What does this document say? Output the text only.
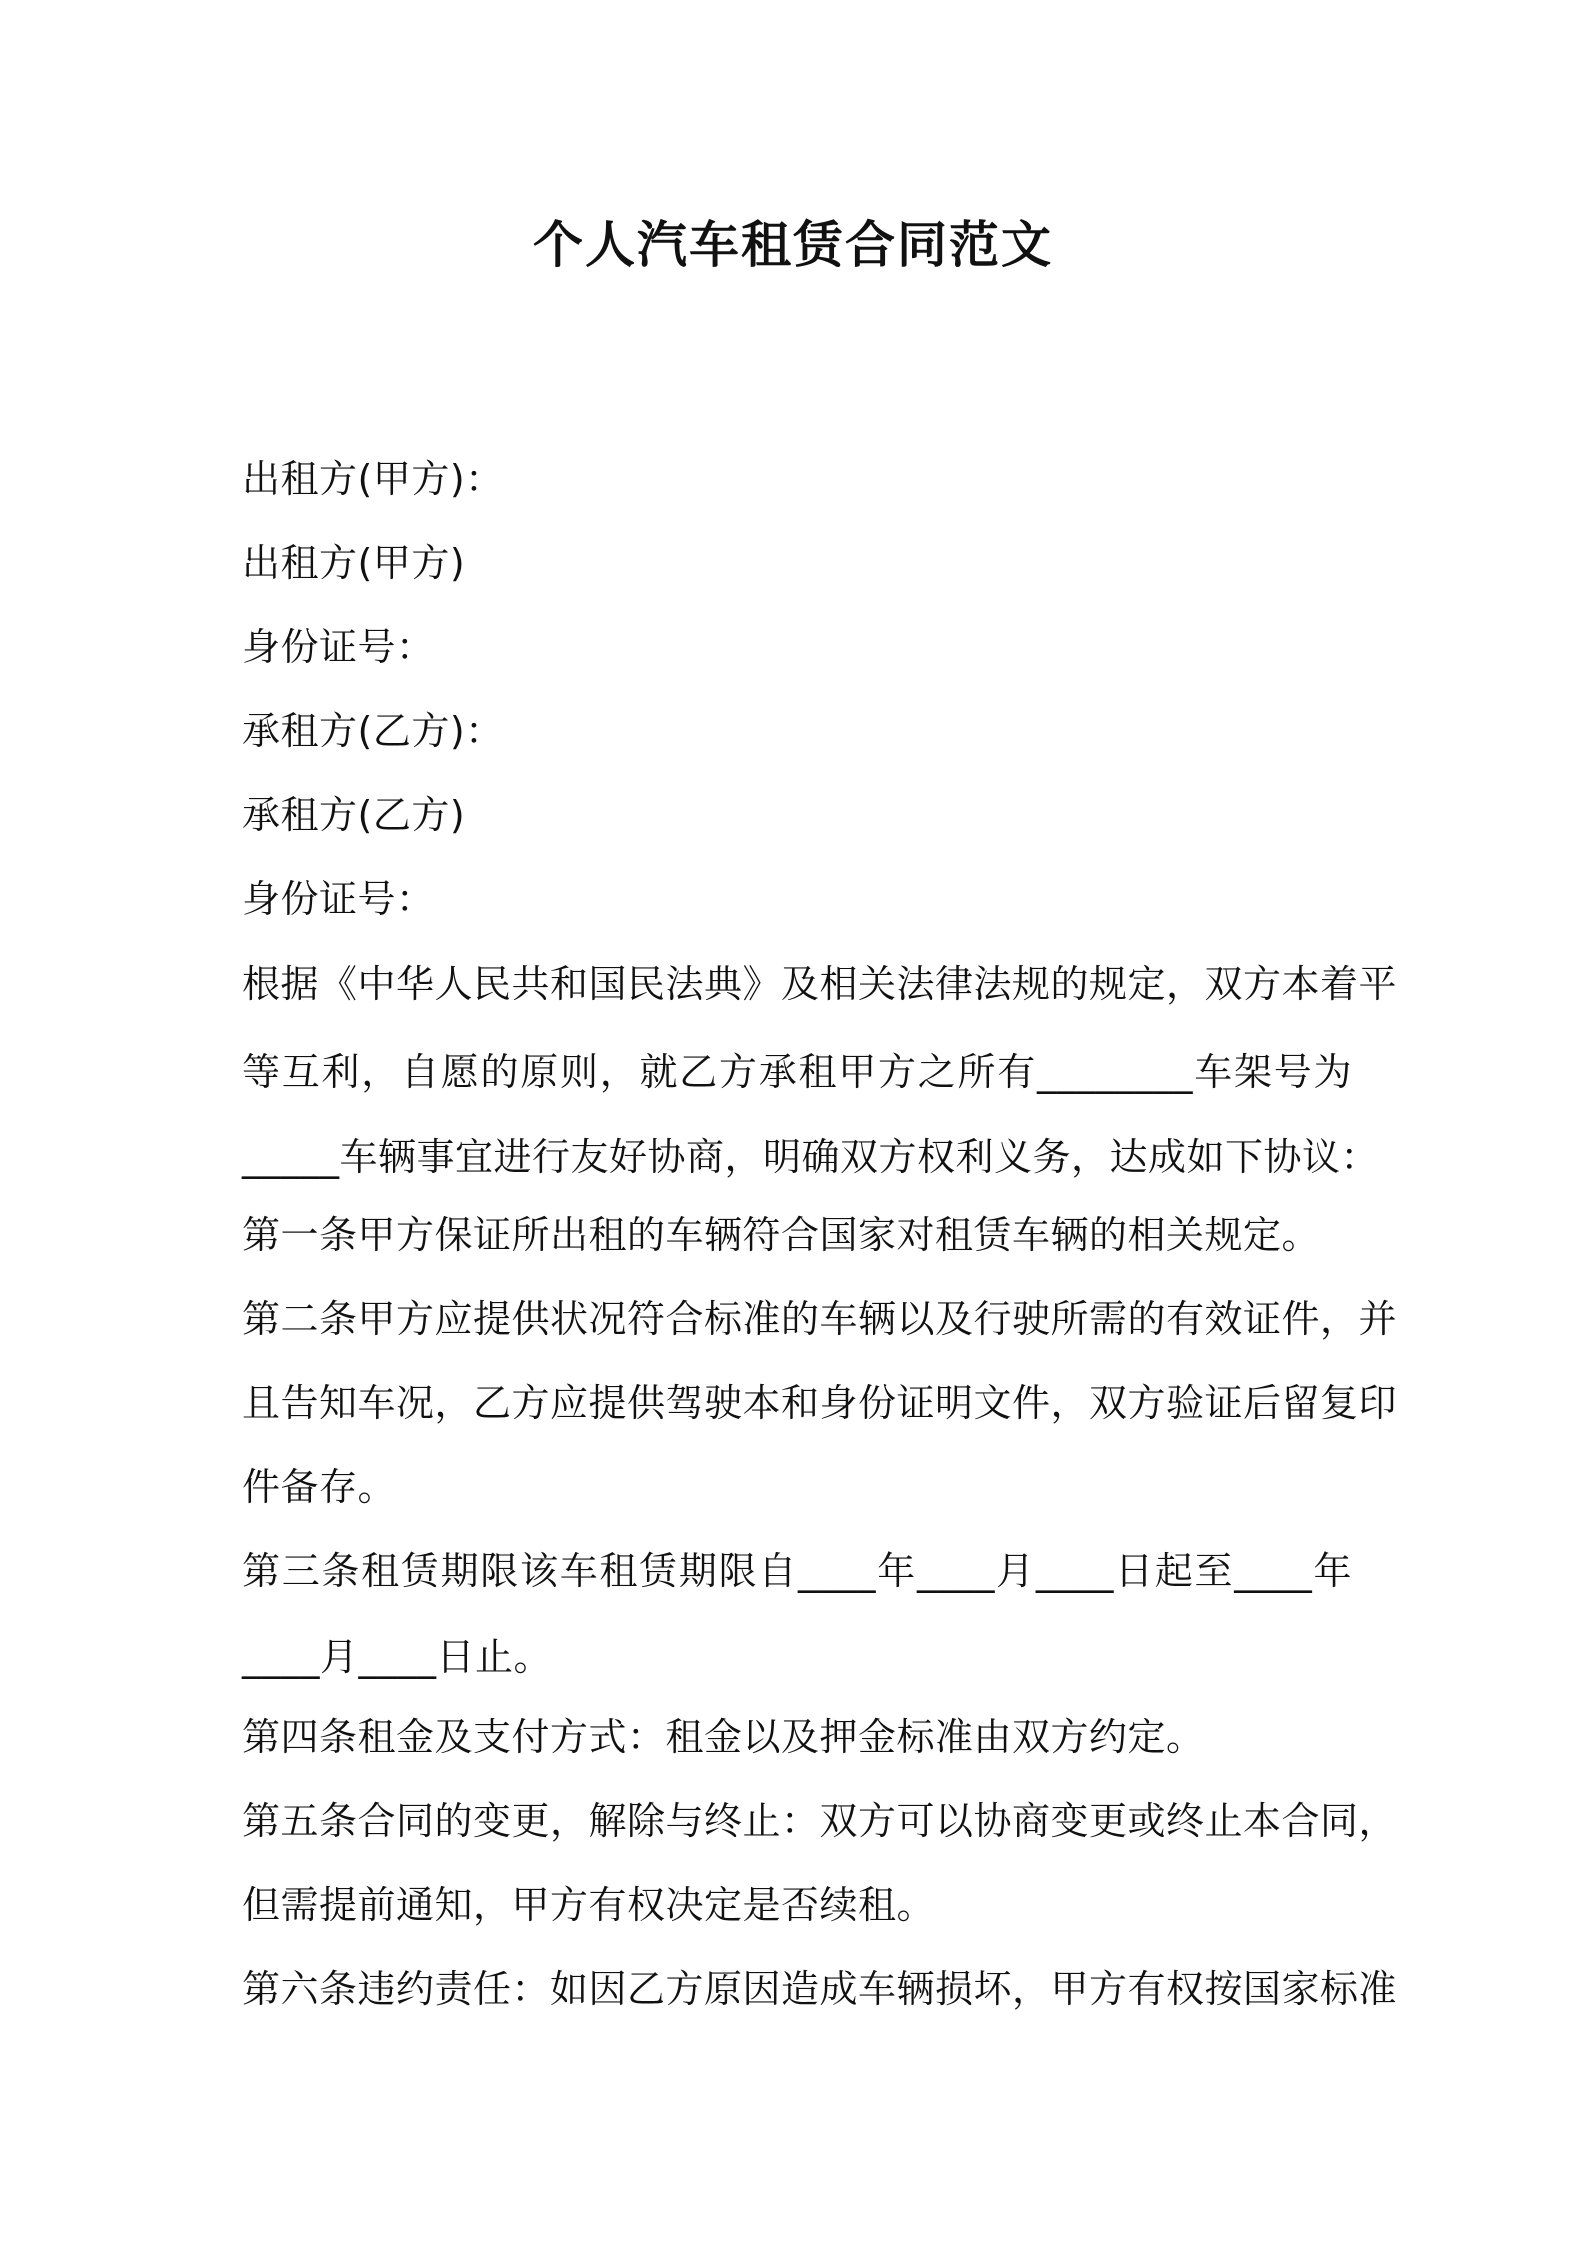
个人汽车租赁合同范文
出租方(甲方)：
出租方(甲方)
身份证号：
承租方(乙方)：
承租方(乙方)
身份证号：
根据《中华人民共和国民法典》及相关法律法规的规定，双方本着平
等互利，自愿的原则，就乙方承租甲方之所有________车架号为
_____车辆事宜进行友好协商，明确双方权利义务，达成如下协议：
第一条甲方保证所出租的车辆符合国家对租赁车辆的相关规定。
第二条甲方应提供状况符合标准的车辆以及行驶所需的有效证件，并
且告知车况，乙方应提供驾驶本和身份证明文件，双方验证后留复印
件备存。
第三条租赁期限该车租赁期限自____年____月____日起至____年
____月____日止。
第四条租金及支付方式：租金以及押金标准由双方约定。
第五条合同的变更，解除与终止：双方可以协商变更或终止本合同，
但需提前通知，甲方有权决定是否续租。
第六条违约责任：如因乙方原因造成车辆损坏，甲方有权按国家标准
